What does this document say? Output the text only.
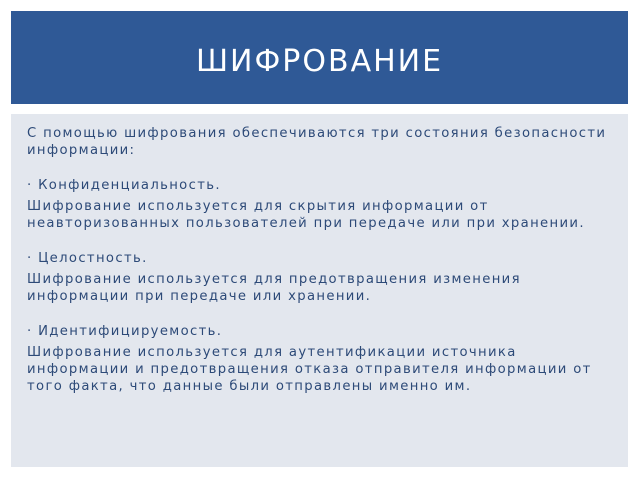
ШИФРОВАНИЕ

С помощью шифрования обеспечиваются три состояния безопасности информации:

· Конфиденциальность.

Шифрование используется для скрытия информации от неавторизованных пользователей при передаче или при хранении.

· Целостность.

Шифрование используется для предотвращения изменения информации при передаче или хранении.

· Идентифицируемость.

Шифрование используется для аутентификации источника информации и предотвращения отказа отправителя информации от того факта, что данные были отправлены именно им.
